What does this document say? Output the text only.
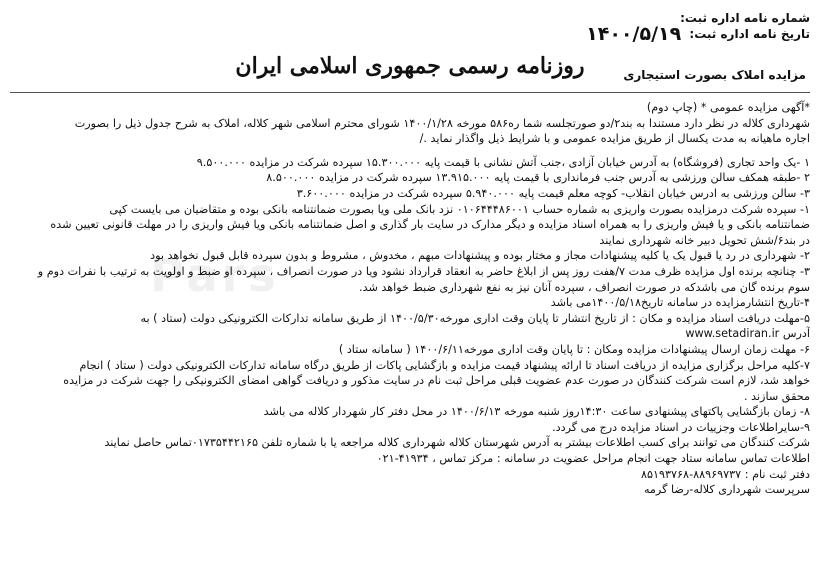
شماره نامه اداره ثبت:
تاریخ نامه اداره ثبت: ۱۴۰۰/۵/۱۹
روزنامه رسمی جمهوری اسلامی ایران	مزایده املاک بصورت استیجاری
Pars

*آگهی مزایده عمومی * (چاپ دوم)

شهرداری کلاله در نظر دارد مستندا به بند۲/دو صورتجلسه شما ره۵۸۶ مورخه ۱۴۰۰/۱/۲۸ شورای محترم اسلامی شهر کلاله، املاک به شرح جدول ذیل را بصورت

اجاره ماهیانه به مدت یکسال از طریق مزایده عمومی و با شرایط ذیل واگذار نماید ./

۱ -یک واحد تجاری (فروشگاه) به آدرس خیابان آزادی ،جنب آتش نشانی با قیمت پایه ۱۵.۳۰۰.۰۰۰ سپرده شرکت در مزایده ۹.۵۰۰.۰۰۰

۲ -طبقه همکف سالن ورزشی به آدرس جنب فرمانداری با قیمت پایه ۱۳.۹۱۵.۰۰۰ سپرده شرکت در مزایده ۸.۵۰۰.۰۰۰

۳- سالن ورزشی به ادرس خیابان انقلاب- کوچه معلم قیمت پایه ۵.۹۴۰.۰۰۰ سپرده شرکت در مزایده ۳.۶۰۰.۰۰۰

۱- سپرده شرکت درمزایده بصورت واریزی به شماره حساب ۰۱۰۶۴۴۴۸۶۰۰۱ نزد بانک ملی ویا بصورت ضمانتنامه بانکی بوده و متقاضیان می بایست کپی

ضمانتنامه بانکی و یا فیش واریزی را به همراه اسناد مزایده و دیگر مدارک در سایت بار گذاری و اصل ضمانتنامه بانکی ویا فیش واریزی را در مهلت قانونی تعیین شده

در بند۶/شش تحویل دبیر خانه شهرداری نمایند

۲- شهرداری در رد یا قبول یک یا کلیه پیشنهادات مجاز و مختار بوده و پیشنهادات مبهم ، مخدوش ، مشروط و بدون سپرده قابل قبول نخواهد بود

۳- چنانچه برنده اول مزایده ظرف مدت ۷/هفت روز پس از ابلاغ حاضر به انعقاد قرارداد نشود ویا در صورت انصراف ، سپرده او ضبط و اولویت به ترتیب با نفرات دوم و

سوم برنده گان می باشدکه در صورت انصراف ، سپرده آنان نیز به نفع شهرداری ضبط خواهد شد.

۴-تاریخ انتشارمزایده در سامانه تاریخ۱۴۰۰/۵/۱۸می باشد

۵-مهلت دریافت اسناد مزایده و مکان : از تاریخ انتشار تا پایان وقت اداری مورخه۱۴۰۰/۵/۳۰ از طریق سامانه تدارکات الکترونیکی دولت (ستاد ) به

آدرس www.setadiran.ir

۶- مهلت زمان ارسال پیشنهادات مزایده ومکان : تا پایان وقت اداری مورخه۱۴۰۰/۶/۱۱ ( سامانه ستاد )

۷-کلیه مراحل برگزاری مزایده از دریافت اسناد تا ارائه پیشنهاد قیمت مزایده و بازگشایی پاکات از طریق درگاه سامانه تدارکات الکترونیکی دولت ( ستاد ) انجام

خواهد شد، لازم است شرکت کنندگان در صورت عدم عضویت قبلی مراحل ثبت نام در سایت مذکور و دریافت گواهی امضای الکترونیکی را جهت شرکت در مزایده

محقق سازند .

۸- زمان بازگشایی پاکتهای پیشنهادی ساعت ۱۴:۳۰روز شنبه مورخه ۱۴۰۰/۶/۱۳ در محل دفتر کار شهردار کلاله می باشد

۹-سایراطلاعات وجزییات در اسناد مزایده درج می گردد.

شرکت کنندگان می توانند برای کسب اطلاعات بیشتر به آدرس شهرستان کلاله شهرداری کلاله مراجعه یا با شماره تلفن ۰۱۷۳۵۴۴۲۱۶۵تماس حاصل نمایند

اطلاعات تماس سامانه ستاد جهت انجام مراحل عضویت در سامانه : مرکز تماس ، ۴۱۹۳۴-۰۲۱

دفتر ثبت نام : ۸۸۹۶۹۷۳۷-۸۵۱۹۳۷۶۸

سرپرست شهرداری کلاله-رضا گرمه
